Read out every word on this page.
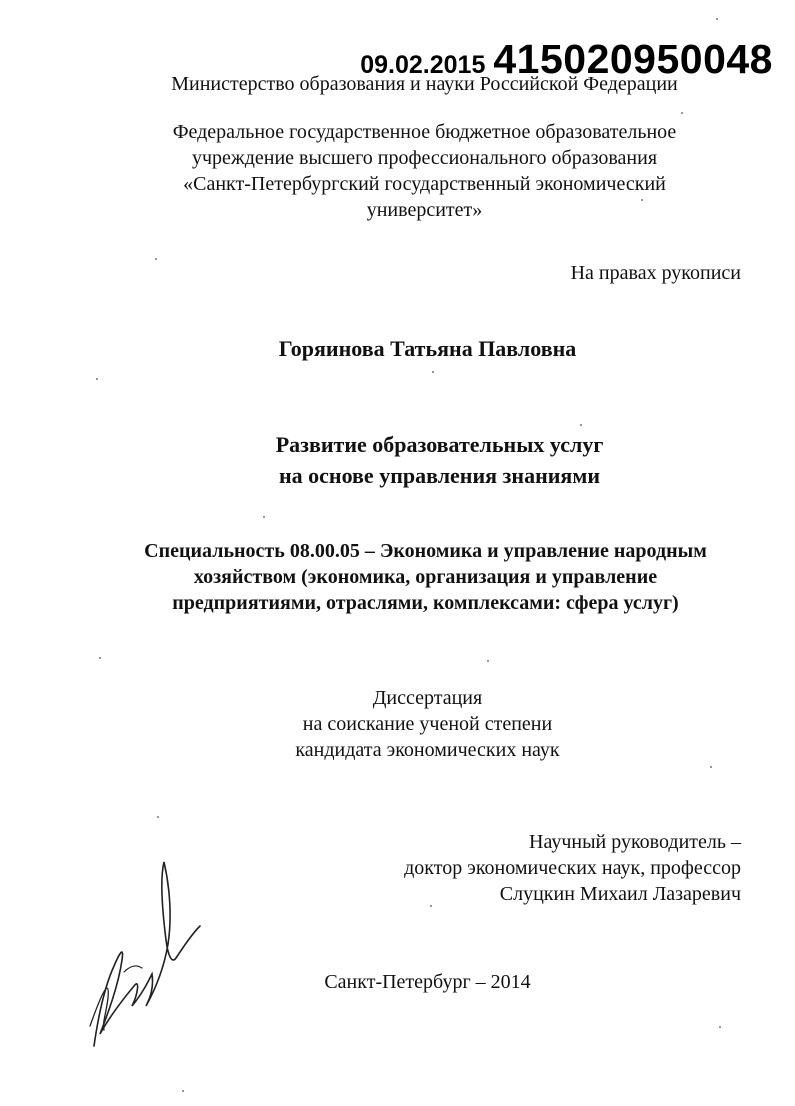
09.02.2015 415020950048
Министерство образования и науки Российской Федерации
Федеральное государственное бюджетное образовательное
учреждение высшего профессионального образования
«Санкт-Петербургский государственный экономический
университет»
На правах рукописи
Горяинова Татьяна Павловна
Развитие образовательных услуг
на основе управления знаниями
Специальность 08.00.05 – Экономика и управление народным
хозяйством (экономика, организация и управление
предприятиями, отраслями, комплексами: сфера услуг)
Диссертация
на соискание ученой степени
кандидата экономических наук
Научный руководитель –
доктор экономических наук, профессор
Слуцкин Михаил Лазаревич
Санкт-Петербург – 2014
